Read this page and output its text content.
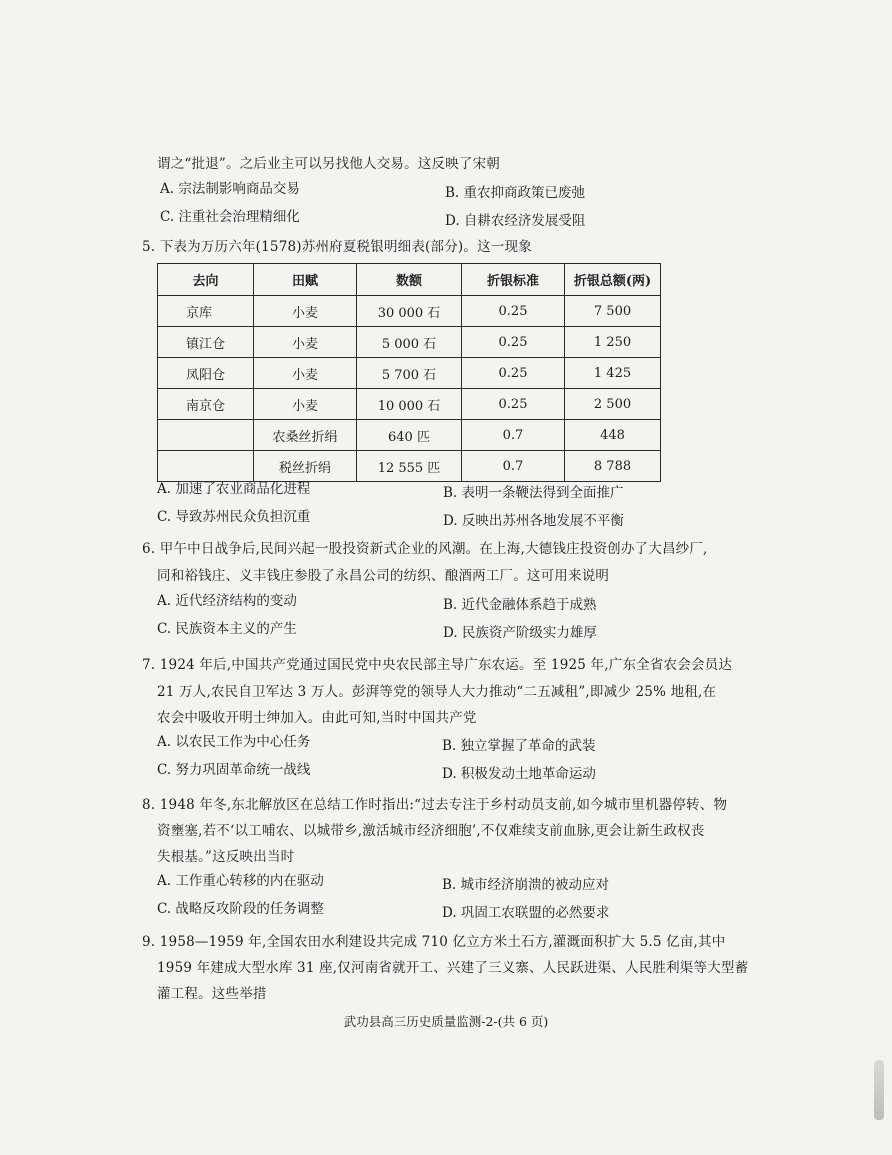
谓之“批退”。之后业主可以另找他人交易。这反映了宋朝
A. 宗法制影响商品交易	B. 重农抑商政策已废弛
C. 注重社会治理精细化	D. 自耕农经济发展受阻
5. 下表为万历六年(1578)苏州府夏税银明细表(部分)。这一现象
去向	田赋	数额	折银标准	折银总额(两)
京库	小麦	30 000 石	0.25	7 500
镇江仓	小麦	5 000 石	0.25	1 250
凤阳仓	小麦	5 700 石	0.25	1 425
南京仓	小麦	10 000 石	0.25	2 500
	农桑丝折绢	640 匹	0.7	448
	税丝折绢	12 555 匹	0.7	8 788
A. 加速了农业商品化进程	B. 表明一条鞭法得到全面推广
C. 导致苏州民众负担沉重	D. 反映出苏州各地发展不平衡
6. 甲午中日战争后,民间兴起一股投资新式企业的风潮。在上海,大德钱庄投资创办了大昌纱厂,
同和裕钱庄、义丰钱庄参股了永昌公司的纺织、酿酒两工厂。这可用来说明
A. 近代经济结构的变动	B. 近代金融体系趋于成熟
C. 民族资本主义的产生	D. 民族资产阶级实力雄厚
7. 1924 年后,中国共产党通过国民党中央农民部主导广东农运。至 1925 年,广东全省农会会员达
21 万人,农民自卫军达 3 万人。彭湃等党的领导人大力推动“二五减租”,即减少 25% 地租,在
农会中吸收开明士绅加入。由此可知,当时中国共产党
A. 以农民工作为中心任务	B. 独立掌握了革命的武装
C. 努力巩固革命统一战线	D. 积极发动土地革命运动
8. 1948 年冬,东北解放区在总结工作时指出:“过去专注于乡村动员支前,如今城市里机器停转、物
资壅塞,若不‘以工哺农、以城带乡,激活城市经济细胞’,不仅难续支前血脉,更会让新生政权丧
失根基。”这反映出当时
A. 工作重心转移的内在驱动	B. 城市经济崩溃的被动应对
C. 战略反攻阶段的任务调整	D. 巩固工农联盟的必然要求
9. 1958—1959 年,全国农田水利建设共完成 710 亿立方米土石方,灌溉面积扩大 5.5 亿亩,其中
1959 年建成大型水库 31 座,仅河南省就开工、兴建了三义寨、人民跃进渠、人民胜利渠等大型蓄
灌工程。这些举措
武功县高三历史质量监测-2-(共 6 页)
